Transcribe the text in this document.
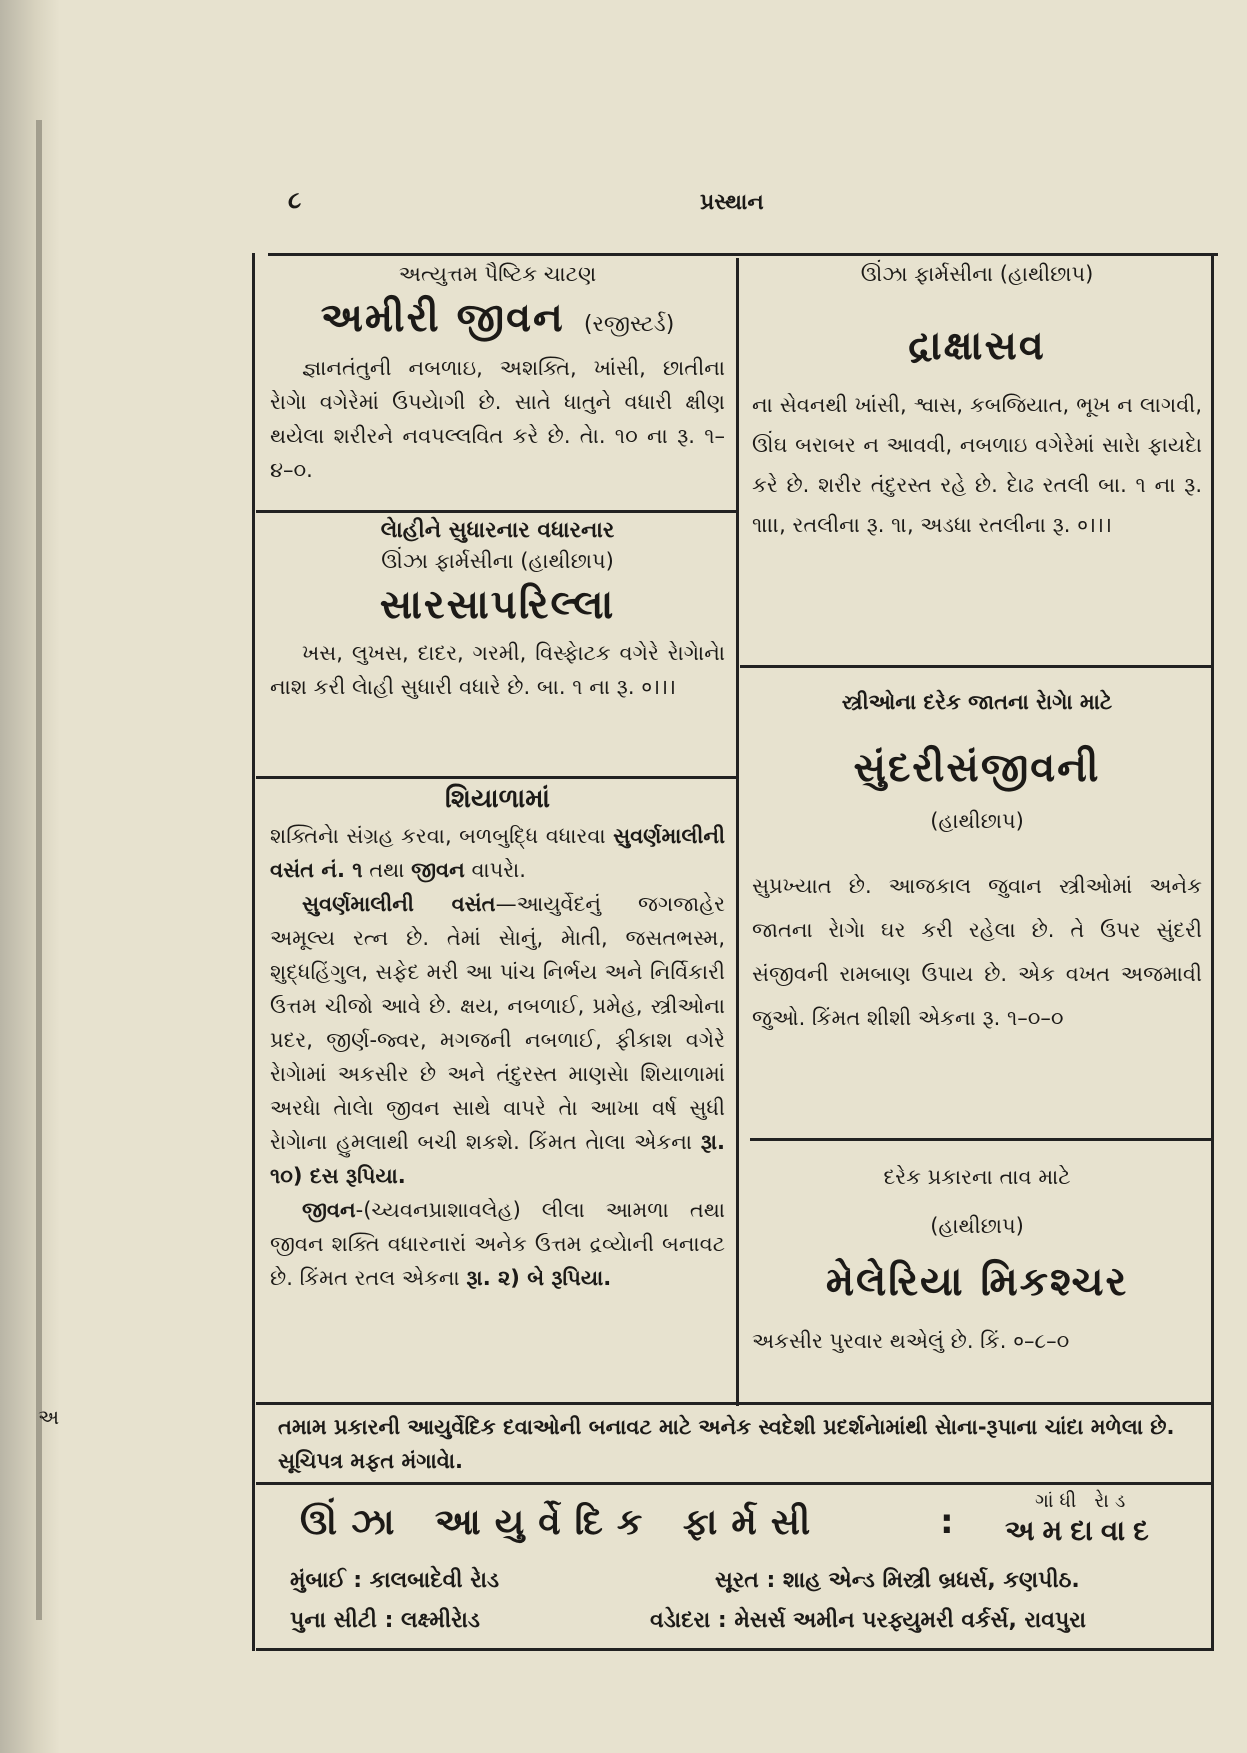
અ
૮	પ્રસ્થાન
અત્યુત્તમ પૈષ્ટિક ચાટણ
અમીરી જીવન (રજીસ્ટર્ડ)
જ્ઞાનતંતુની નબળાઇ, અશક્તિ, ખાંસી, છાતીના રેાગેા વગેરેમાં ઉપયેાગી છે. સાતે ધાતુને વધારી ક્ષીણ થયેલા શરીરને નવપલ્લવિત કરે છે. તેા. ૧૦ ના રૂ. ૧–૪–૦.
લેાહીને સુધારનાર વધારનાર
ઊંઝા ફાર્મસીના (હાથીછાપ)
સારસાપરિલ્લા
ખસ, લુખસ, દાદર, ગરમી, વિસ્ફેાટક વગેરે રેાગેાનેા નાશ કરી લેાહી સુધારી વધારે છે. બા. ૧ ના રૂ. ०।।।
શિયાળામાં
શક્તિનેા સંગ્રહ કરવા, બળબુદ્ધિ વધારવા સુવર્ણમાલીની વસંત નં. ૧ તથા જીવન વાપરેા.
સુવર્ણમાલીની વસંત—આયુર્વેદનું જગજાહેર અમૂલ્ય રત્ન છે. તેમાં સેાનું, મેાતી, જસતભસ્મ, શુદ્ધહિંગુલ, સફેદ મરી આ પાંચ નિર્ભય અને નિર્વિકારી ઉત્તમ ચીજો આવે છે. ક્ષય, નબળાઈ, પ્રમેહ, સ્ત્રીઓના પ્રદર, જીર્ણ-જ્વર, મગજની નબળાઈ, ફીકાશ વગેરે રેાગેામાં અકસીર છે અને તંદુરસ્ત માણસેા શિયાળામાં અરધેા તેાલેા જીવન સાથે વાપરે તેા આખા વર્ષ સુધી રેાગેાના હુમલાથી બચી શકશે. કિંમત તેાલા એકના રૂા. ૧૦) દસ રૂપિયા.
જીવન-(ચ્યવનપ્રાશાવલેહ) લીલા આમળા તથા જીવન શક્તિ વધારનારાં અનેક ઉત્તમ દ્રવ્યેાની બનાવટ છે. કિંમત રતલ એકના રૂા. ૨) બે રૂપિયા.
ઊંઝા ફાર્મસીના (હાથીછાપ)
દ્રાક્ષાસવ
ના સેવનથી ખાંસી, શ્વાસ, કબજિયાત, ભૂખ ન લાગવી, ઊંઘ બરાબર ન આવવી, નબળાઇ વગેરેમાં સારેા ફાયદેા કરે છે. શરીર તંદુરસ્ત રહે છે. દેાઢ રતલી બા. ૧ ના રૂ. ૧।।।, રતલીના રૂ. ૧।, અડધા રતલીના રૂ. ०।।।
સ્ત્રીઓના દરેક જાતના રેાગેા માટે
સુંદરીસંજીવની
(હાથીછાપ)
સુપ્રખ્યાત છે. આજકાલ જુવાન સ્ત્રીઓમાં અનેક જાતના રેાગેા ઘર કરી રહેલા છે. તે ઉપર સુંદરી સંજીવની રામબાણ ઉપાય છે. એક વખત અજમાવી જુઓ. કિંમત શીશી એકના રૂ. ૧–૦–૦
દરેક પ્રકારના તાવ માટે
(હાથીછાપ)
મેલેરિયા મિકશ્ચર
અકસીર પુરવાર થએલું છે. કિં. ०–૮–૦
તમામ પ્રકારની આયુર્વેદિક દવાઓની બનાવટ માટે અનેક સ્વદેશી પ્રદર્શનેામાંથી સેાના-રૂપાના ચાંદા મળેલા છે. સૂચિપત્ર મફત મંગાવેા.
ઊંઝા આયુર્વેદિક ફાર્મસી	:
ગાંધી રેાડ
અમદાવાદ
મુંબાઈ : કાલબાદેવી રેાડ	સૂરત : શાહ એન્ડ મિસ્ત્રી બ્રધર્સ, કણપીઠ.
પુના સીટી : લક્ષ્મીરેાડ	વડેાદરા : મેસર્સ અમીન પરફ્યુમરી વર્કર્સ, રાવપુરા
